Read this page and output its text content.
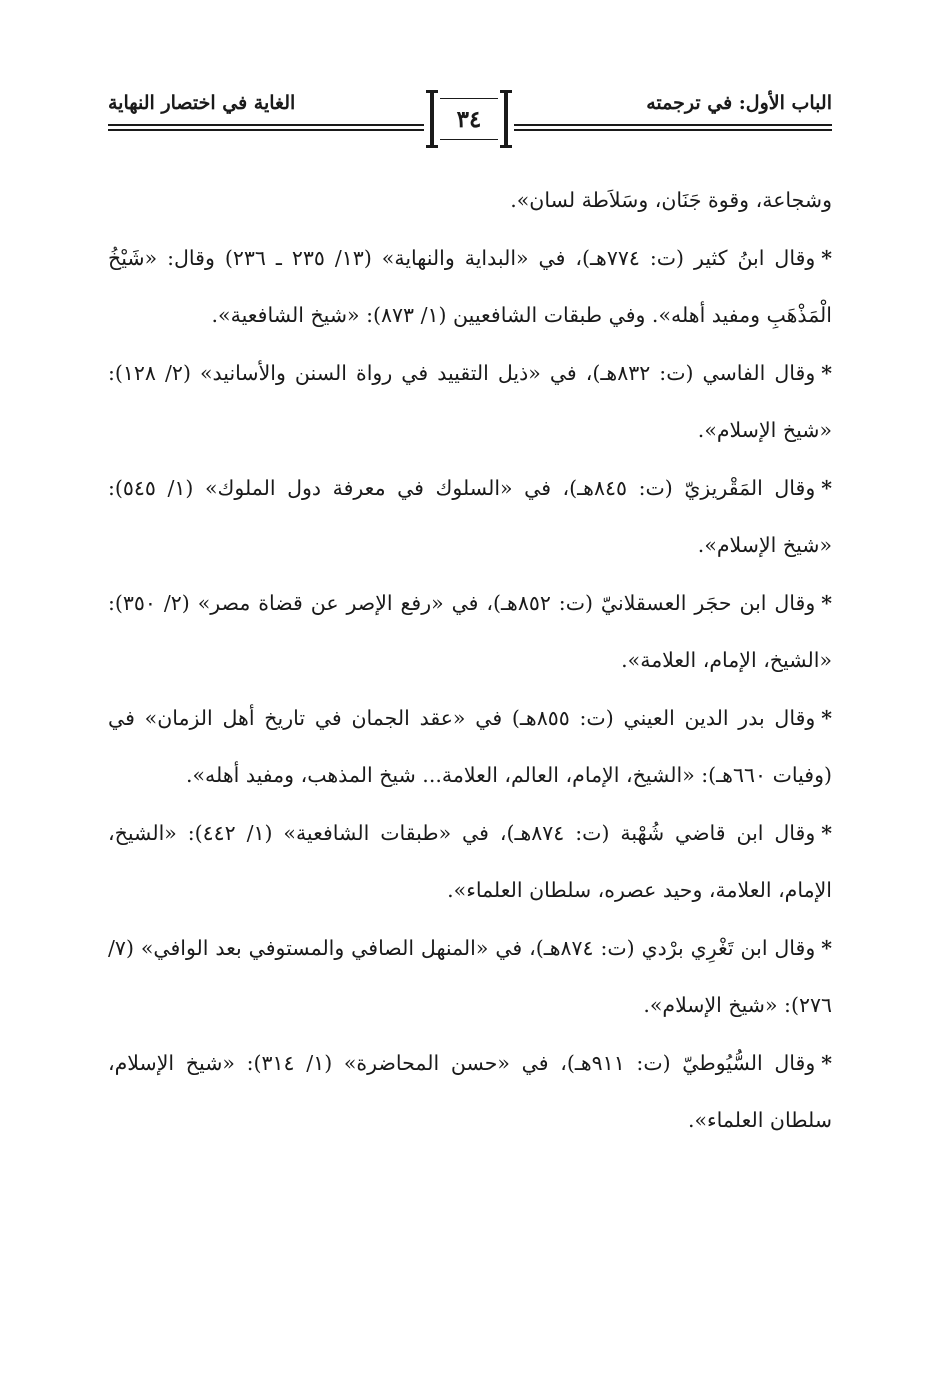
الباب الأول: في ترجمته
الغاية في اختصار النهاية
٣٤

وشجاعة، وقوة جَنَان، وسَلاَطة لسان».

*وقال ابنُ كثير (ت: ٧٧٤هـ)، في «البداية والنهاية» (١٣/ ٢٣٥ ـ ٢٣٦) وقال: «شَيْخُ الْمَذْهَبِ ومفيد أهله». وفي طبقات الشافعيين (١/ ٨٧٣): «شيخ الشافعية».

*وقال الفاسي (ت: ٨٣٢هـ)، في «ذيل التقييد في رواة السنن والأسانيد» (٢/ ١٢٨): «شيخ الإسلام».

*وقال المَقْريزيّ (ت: ٨٤٥هـ)، في «السلوك في معرفة دول الملوك» (١/ ٥٤٥): «شيخ الإسلام».

*وقال ابن حجَر العسقلانيّ (ت: ٨٥٢هـ)، في «رفع الإصر عن قضاة مصر» (٢/ ٣٥٠): «الشيخ، الإمام، العلامة».

*وقال بدر الدين العيني (ت: ٨٥٥هـ) في «عقد الجمان في تاريخ أهل الزمان» في (وفيات ٦٦٠هـ): «الشيخ، الإمام، العالم، العلامة... شيخ المذهب، ومفيد أهله».

*وقال ابن قاضي شُهْبة (ت: ٨٧٤هـ)، في «طبقات الشافعية» (١/ ٤٤٢): «الشيخ، الإمام، العلامة، وحيد عصره، سلطان العلماء».

*وقال ابن تَغْرِي برْدي (ت: ٨٧٤هـ)، في «المنهل الصافي والمستوفي بعد الوافي» (٧/ ٢٧٦): «شيخ الإسلام».

*وقال السُّيُوطيّ (ت: ٩١١هـ)، في «حسن المحاضرة» (١/ ٣١٤): «شيخ الإسلام، سلطان العلماء».
